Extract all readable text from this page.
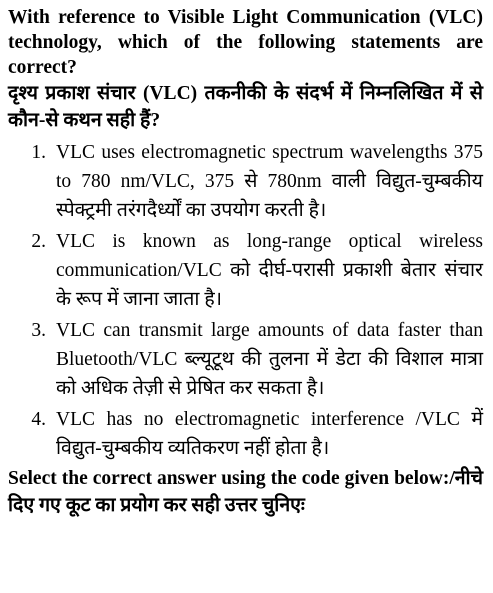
With reference to Visible Light Communication (VLC) technology, which of the following statements are correct?

दृश्य प्रकाश संचार (VLC) तकनीकी के संदर्भ में निम्नलिखित में से कौन-से कथन सही हैं?

1. VLC uses electromagnetic spectrum wavelengths 375 to 780 nm/VLC, 375 से 780nm वाली विद्युत-चुम्बकीय स्पेक्ट्रमी तरंगदैर्ध्यों का उपयोग करती है।
2. VLC is known as long-range optical wireless communication/VLC को दीर्घ-परासी प्रकाशी बेतार संचार के रूप में जाना जाता है।
3. VLC can transmit large amounts of data faster than Bluetooth/VLC ब्ल्यूटूथ की तुलना में डेटा की विशाल मात्रा को अधिक तेज़ी से प्रेषित कर सकता है।
4. VLC has no electromagnetic interference /VLC में विद्युत-चुम्बकीय व्यतिकरण नहीं होता है।

Select the correct answer using the code given below:/नीचे दिए गए कूट का प्रयोग कर सही उत्तर चुनिएः
